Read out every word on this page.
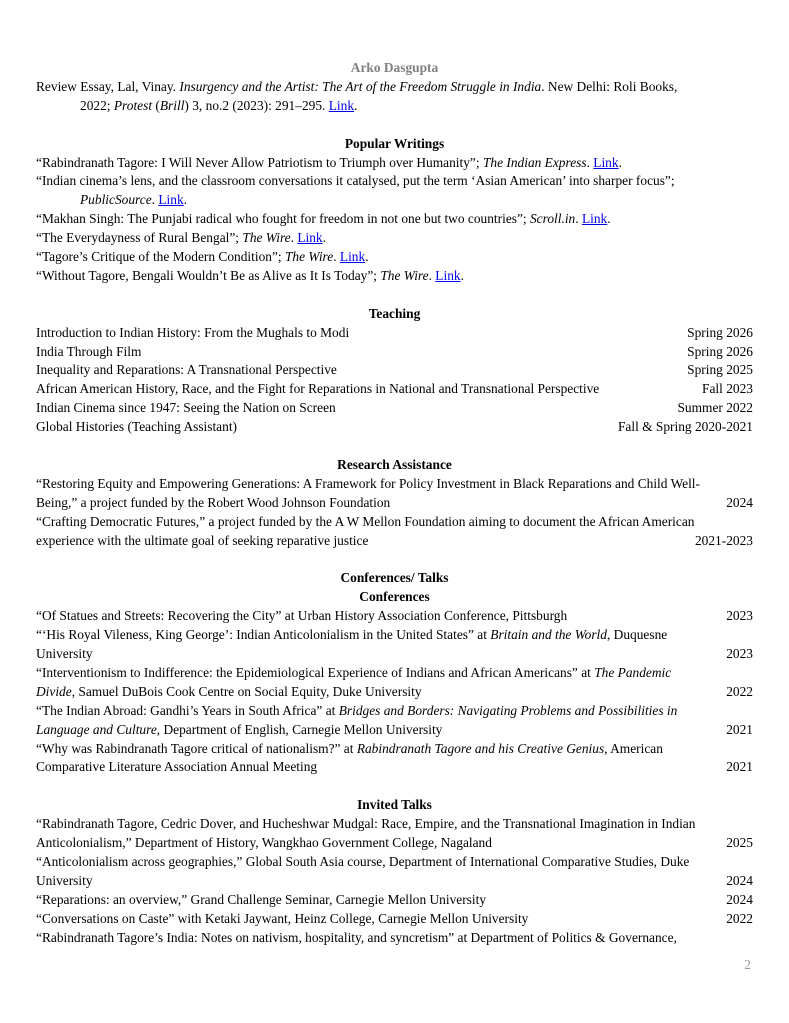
Arko Dasgupta
Review Essay, Lal, Vinay. Insurgency and the Artist: The Art of the Freedom Struggle in India. New Delhi: Roli Books,
2022; Protest (Brill) 3, no.2 (2023): 291–295. Link.
Popular Writings
“Rabindranath Tagore: I Will Never Allow Patriotism to Triumph over Humanity”; The Indian Express. Link.
“Indian cinema’s lens, and the classroom conversations it catalysed, put the term ‘Asian American’ into sharper focus”;
PublicSource. Link.
“Makhan Singh: The Punjabi radical who fought for freedom in not one but two countries”; Scroll.in. Link.
“The Everydayness of Rural Bengal”; The Wire. Link.
“Tagore’s Critique of the Modern Condition”; The Wire. Link.
“Without Tagore, Bengali Wouldn’t Be as Alive as It Is Today”; The Wire. Link.
Teaching
Spring 2026
Introduction to Indian History: From the Mughals to Modi
Spring 2026
India Through Film
Spring 2025
Inequality and Reparations: A Transnational Perspective
Fall 2023
African American History, Race, and the Fight for Reparations in National and Transnational Perspective
Summer 2022
Indian Cinema since 1947: Seeing the Nation on Screen
Fall & Spring 2020-2021
Global Histories (Teaching Assistant)
Research Assistance
“Restoring Equity and Empowering Generations: A Framework for Policy Investment in Black Reparations and Child Well-
2024
Being,” a project funded by the Robert Wood Johnson Foundation
“Crafting Democratic Futures,” a project funded by the A W Mellon Foundation aiming to document the African American
2021-2023
experience with the ultimate goal of seeking reparative justice
Conferences/ Talks
Conferences
2023
“Of Statues and Streets: Recovering the City” at Urban History Association Conference, Pittsburgh
“‘His Royal Vileness, King George’: Indian Anticolonialism in the United States” at Britain and the World, Duquesne
2023
University
“Interventionism to Indifference: the Epidemiological Experience of Indians and African Americans” at The Pandemic
2022
Divide, Samuel DuBois Cook Centre on Social Equity, Duke University
“The Indian Abroad: Gandhi’s Years in South Africa” at Bridges and Borders: Navigating Problems and Possibilities in
2021
Language and Culture, Department of English, Carnegie Mellon University
“Why was Rabindranath Tagore critical of nationalism?” at Rabindranath Tagore and his Creative Genius, American
2021
Comparative Literature Association Annual Meeting
Invited Talks
“Rabindranath Tagore, Cedric Dover, and Hucheshwar Mudgal: Race, Empire, and the Transnational Imagination in Indian
2025
Anticolonialism,” Department of History, Wangkhao Government College, Nagaland
“Anticolonialism across geographies,” Global South Asia course, Department of International Comparative Studies, Duke
2024
University
2024
“Reparations: an overview,” Grand Challenge Seminar, Carnegie Mellon University
2022
“Conversations on Caste” with Ketaki Jaywant, Heinz College, Carnegie Mellon University
“Rabindranath Tagore’s India: Notes on nativism, hospitality, and syncretism” at Department of Politics & Governance,
2
